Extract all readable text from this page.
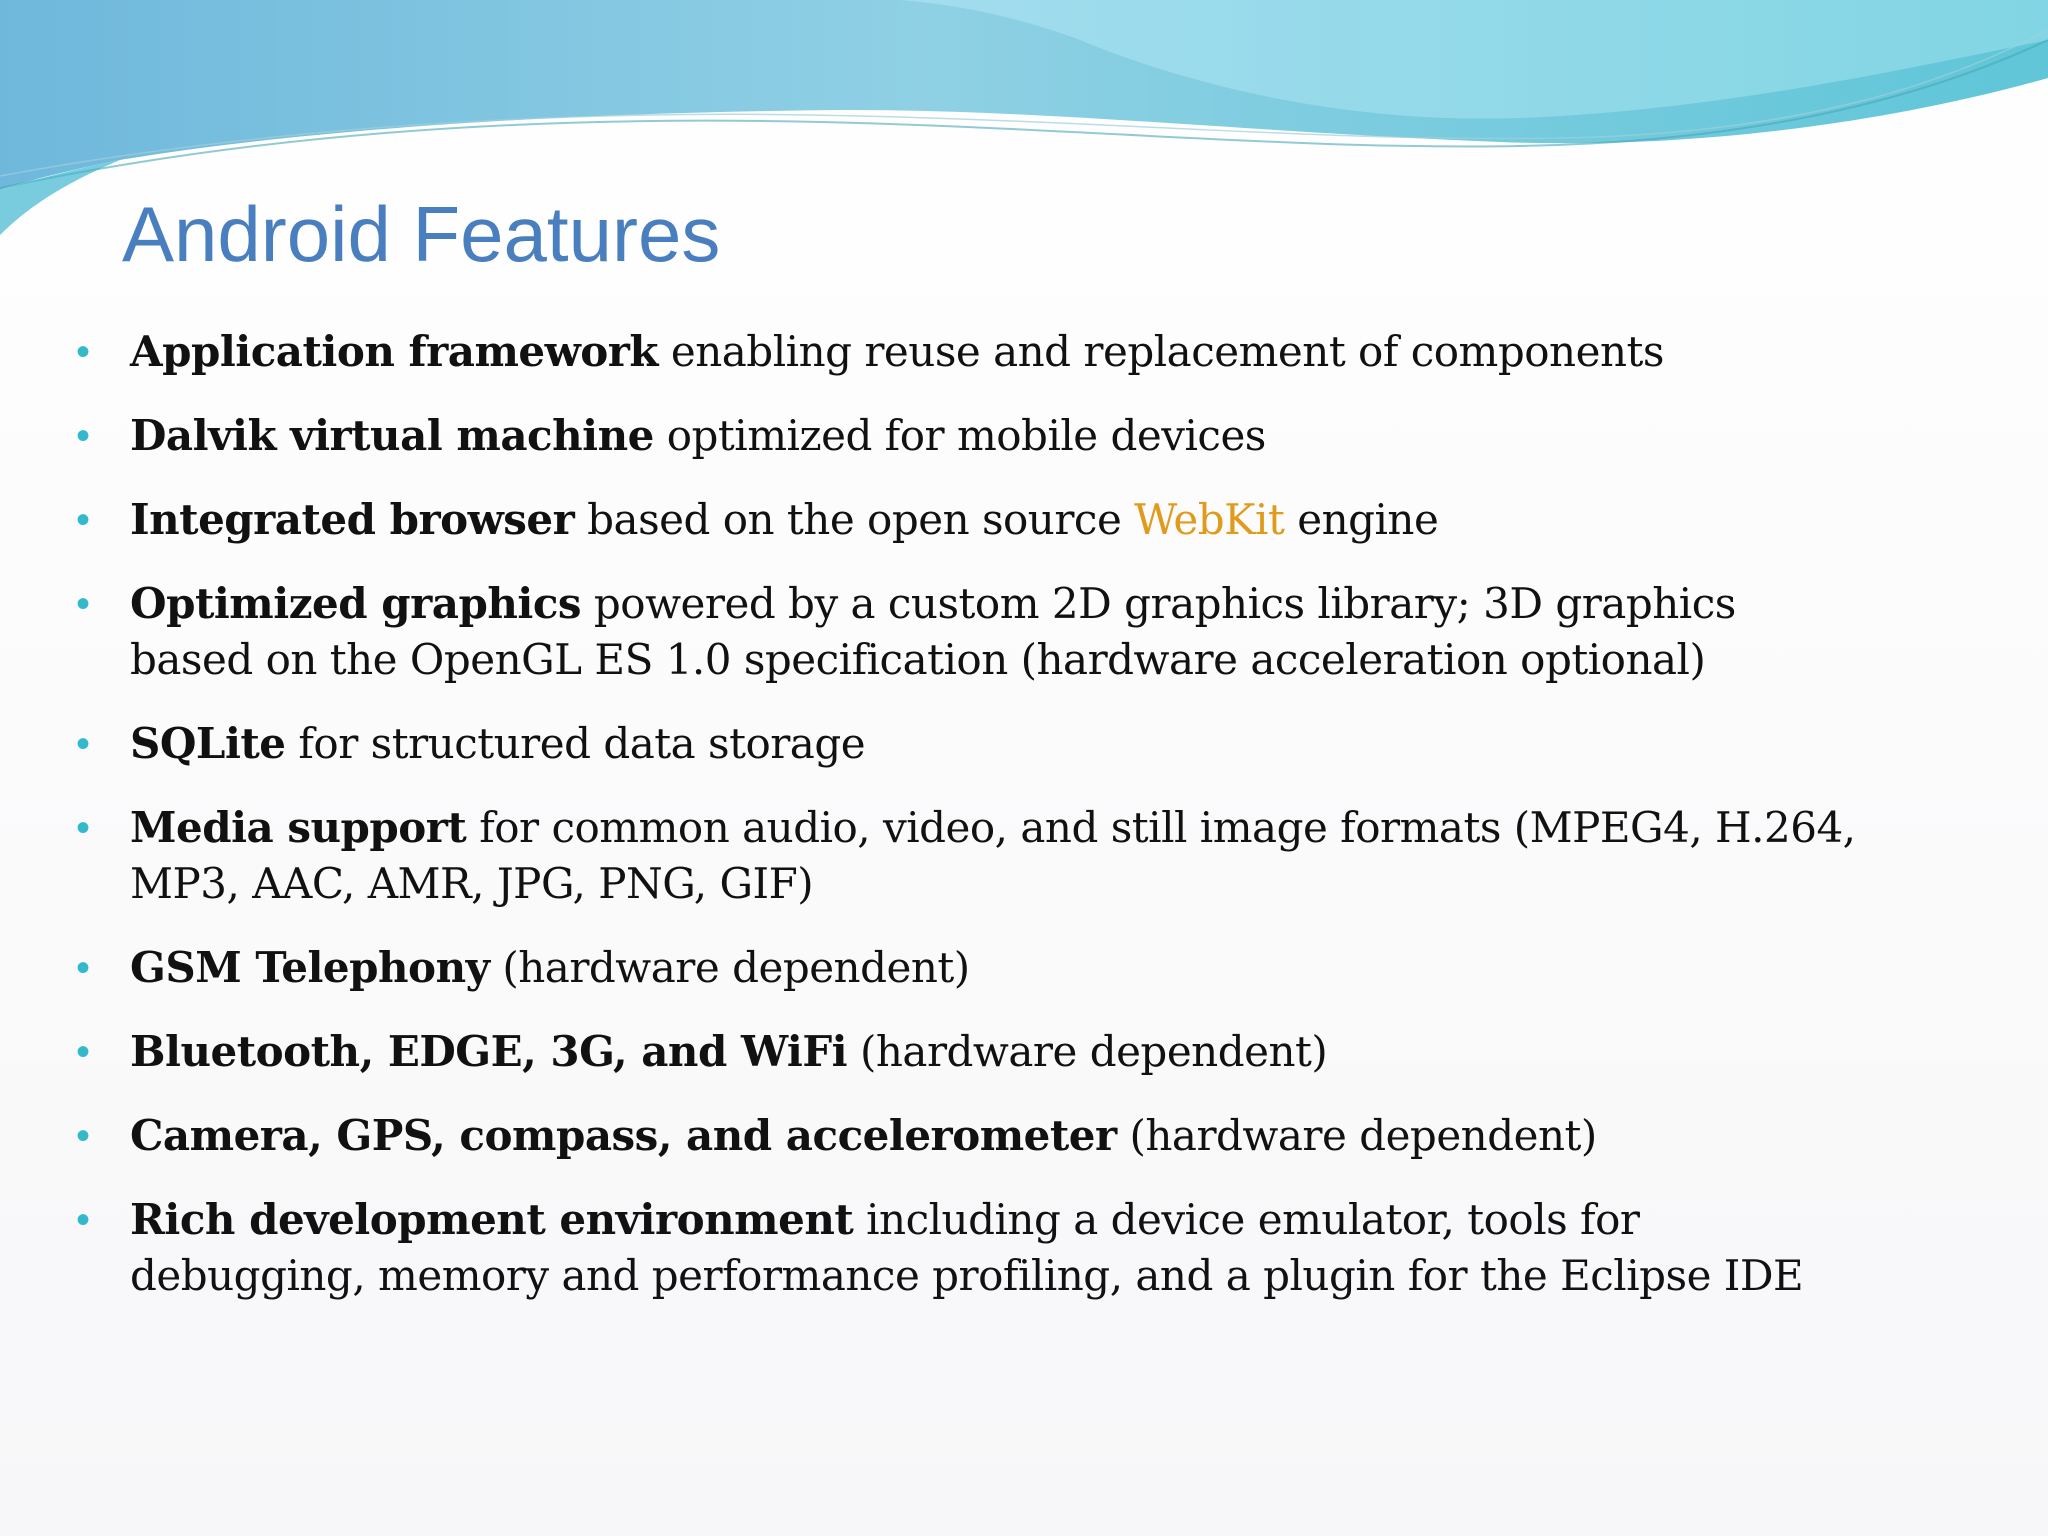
Android Features
• Application framework enabling reuse and replacement of components
• Dalvik virtual machine optimized for mobile devices
• Integrated browser based on the open source WebKit engine
• Optimized graphics powered by a custom 2D graphics library; 3D graphics based on the OpenGL ES 1.0 specification (hardware acceleration optional)
• SQLite for structured data storage
• Media support for common audio, video, and still image formats (MPEG4, H.264, MP3, AAC, AMR, JPG, PNG, GIF)
• GSM Telephony (hardware dependent)
• Bluetooth, EDGE, 3G, and WiFi (hardware dependent)
• Camera, GPS, compass, and accelerometer (hardware dependent)
• Rich development environment including a device emulator, tools for debugging, memory and performance profiling, and a plugin for the Eclipse IDE
